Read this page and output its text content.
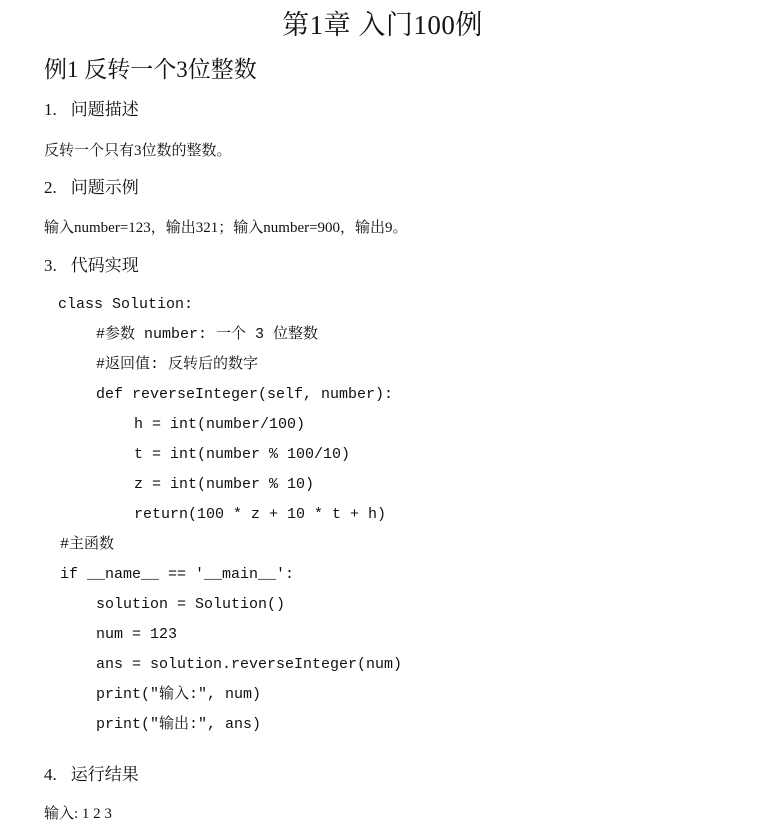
第1章 入门100例
例1 反转一个3位整数
1. 问题描述

反转一个只有3位数的整数。

2. 问题示例

输入number=123，输出321；输入number=900，输出9。

3. 代码实现
class Solution:
#参数 number: 一个 3 位整数
#返回值: 反转后的数字
def reverseInteger(self, number):
h = int(number/100)
t = int(number % 100/10)
z = int(number % 10)
return(100 * z + 10 * t + h)
#主函数
if __name__ == '__main__':
solution = Solution()
num = 123
ans = solution.reverseInteger(num)
print("输入:", num)
print("输出:", ans)
4. 运行结果

输入: 1 2 3
